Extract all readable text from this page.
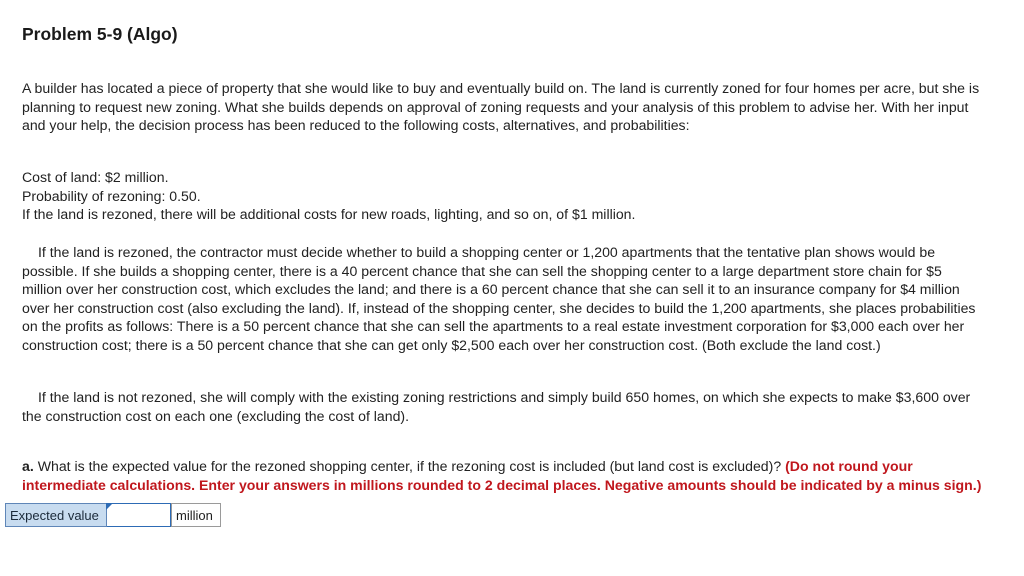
Problem 5-9 (Algo)

A builder has located a piece of property that she would like to buy and eventually build on. The land is currently zoned for four homes per acre, but she is planning to request new zoning. What she builds depends on approval of zoning requests and your analysis of this problem to advise her. With her input and your help, the decision process has been reduced to the following costs, alternatives, and probabilities:

Cost of land: $2 million.
Probability of rezoning: 0.50.
If the land is rezoned, there will be additional costs for new roads, lighting, and so on, of $1 million.

If the land is rezoned, the contractor must decide whether to build a shopping center or 1,200 apartments that the tentative plan shows would be possible. If she builds a shopping center, there is a 40 percent chance that she can sell the shopping center to a large department store chain for $5 million over her construction cost, which excludes the land; and there is a 60 percent chance that she can sell it to an insurance company for $4 million over her construction cost (also excluding the land). If, instead of the shopping center, she decides to build the 1,200 apartments, she places probabilities on the profits as follows: There is a 50 percent chance that she can sell the apartments to a real estate investment corporation for $3,000 each over her construction cost; there is a 50 percent chance that she can get only $2,500 each over her construction cost. (Both exclude the land cost.)

If the land is not rezoned, she will comply with the existing zoning restrictions and simply build 650 homes, on which she expects to make $3,600 over the construction cost on each one (excluding the cost of land).

a. What is the expected value for the rezoned shopping center, if the rezoning cost is included (but land cost is excluded)? (Do not round your intermediate calculations. Enter your answers in millions rounded to 2 decimal places. Negative amounts should be indicated by a minus sign.)

Expected value	million
